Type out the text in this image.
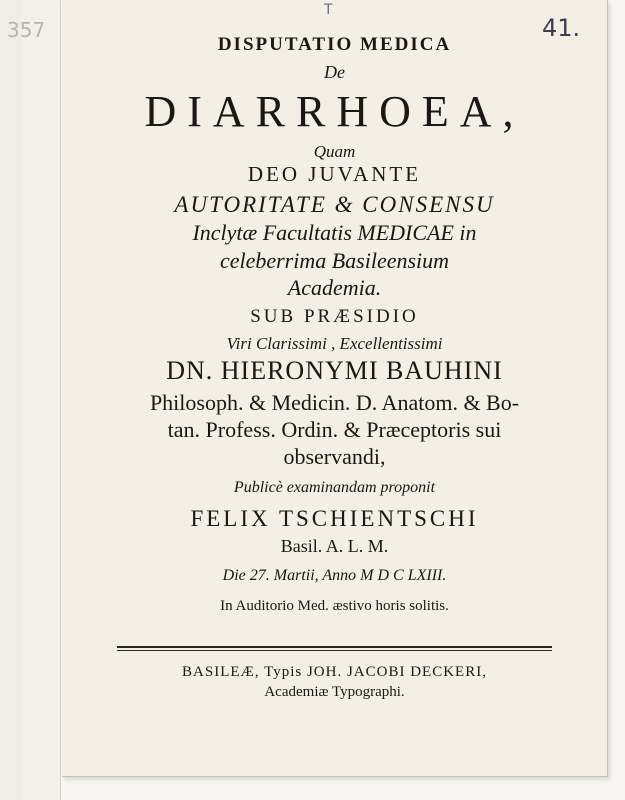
357
T
41.
DISPUTATIO MEDICA
De
DIARRHOEA,
Quam
DEO JUVANTE
AUTORITATE & CONSENSU
Inclytæ Facultatis MEDICAE in
celeberrima Basileensium
Academia.
SUB PRÆSIDIO
Viri Clarissimi , Excellentissimi
DN. HIERONYMI BAUHINI
Philosoph. & Medicin. D. Anatom. & Bo-
tan. Profess. Ordin. & Præceptoris sui
observandi,
Publicè examinandam proponit
FELIX TSCHIENTSCHI
Basil. A. L. M.
Die 27. Martii, Anno M D C LXIII.
In Auditorio Med. æstivo horis solitis.
BASILEÆ, Typis JOH. JACOBI DECKERI,
Academiæ Typographi.
